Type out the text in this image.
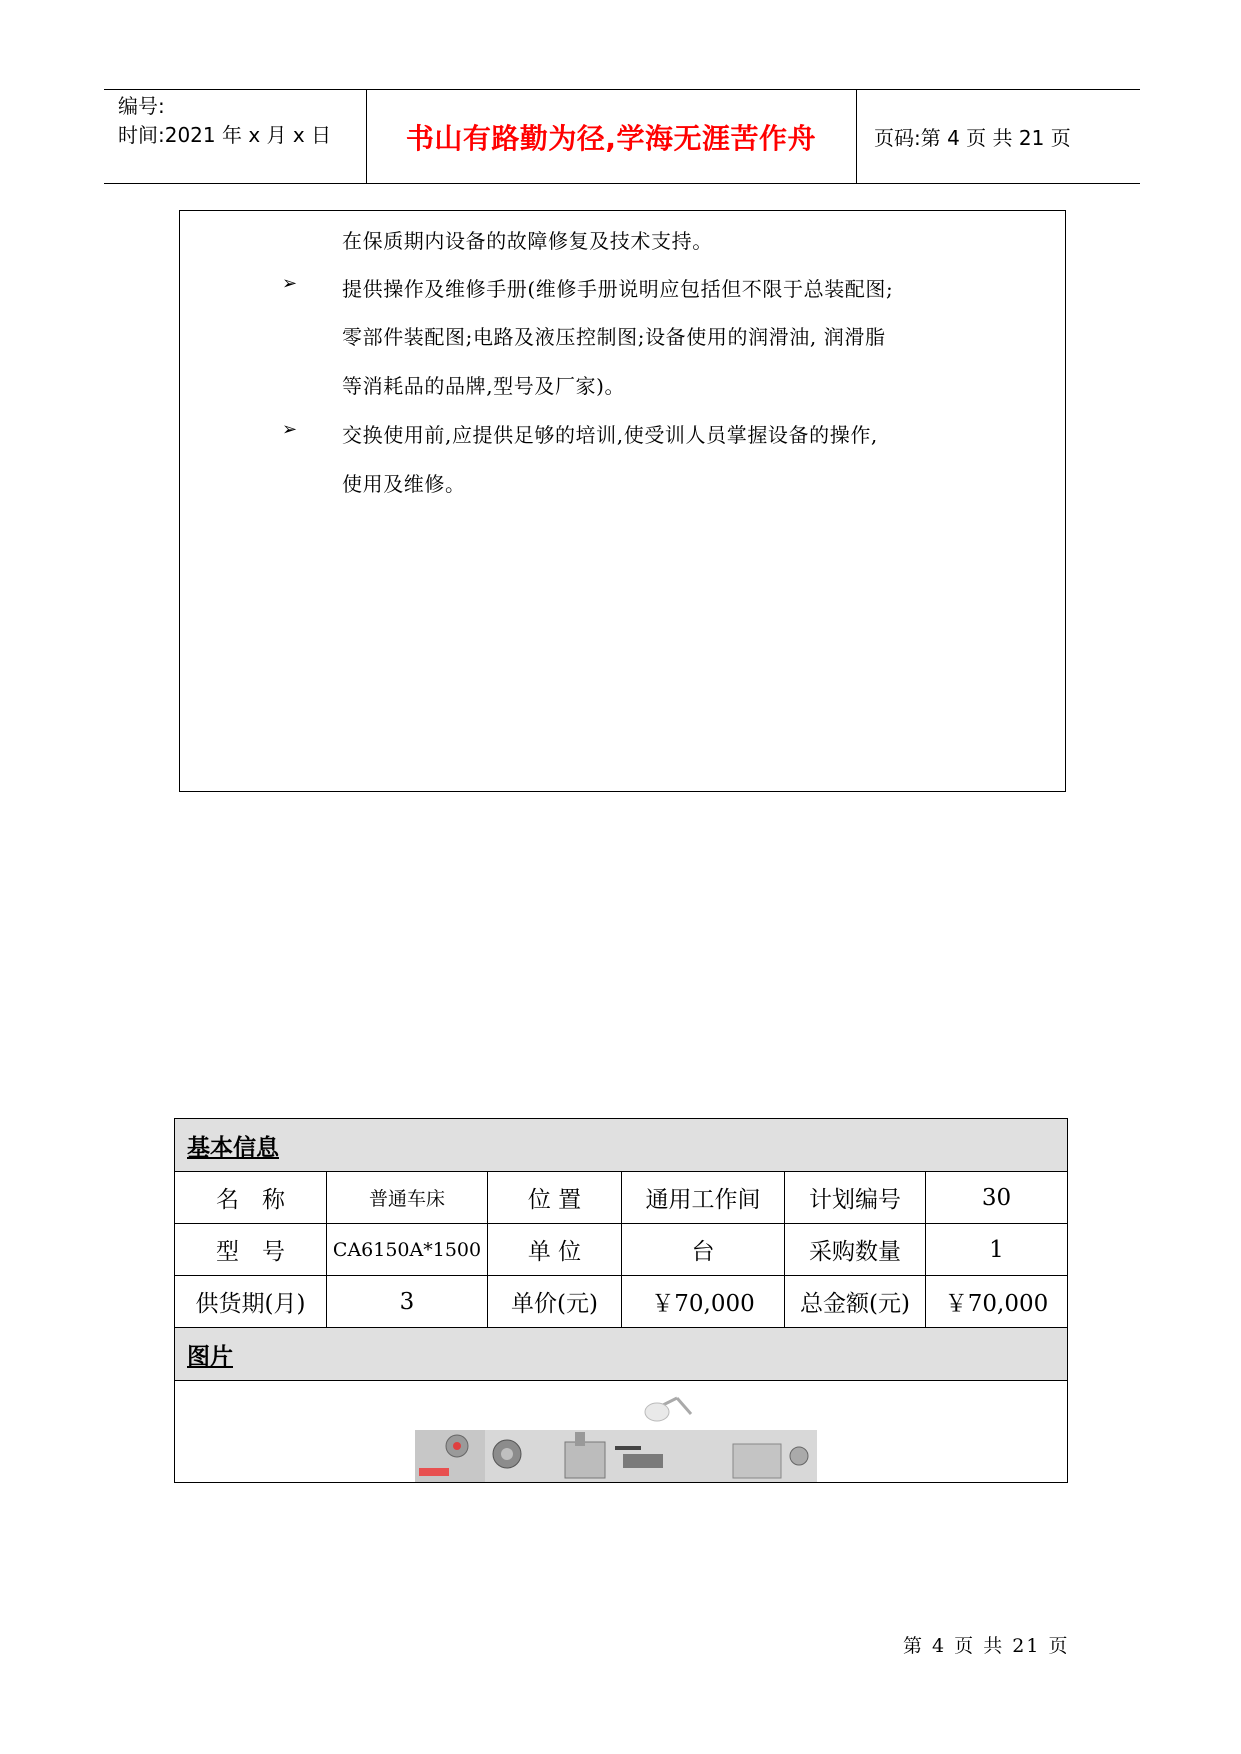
编号:
时间:2021 年 x 月 x 日	书山有路勤为径,学海无涯苦作舟	页码:第 4 页 共 21 页
在保质期内设备的故障修复及技术支持。
➢ 提供操作及维修手册(维修手册说明应包括但不限于总装配图;
零部件装配图;电路及液压控制图;设备使用的润滑油, 润滑脂
等消耗品的品牌,型号及厂家)。
➢ 交换使用前,应提供足够的培训,使受训人员掌握设备的操作,
使用及维修。
基本信息					
名　称	普通车床	位 置	通用工作间	计划编号	30
型　号	CA6150A*1500	单 位	台	采购数量	1
供货期(月)	3	单价(元)	￥70,000	总金额(元)	￥70,000
图片					

第 4 页 共 21 页
